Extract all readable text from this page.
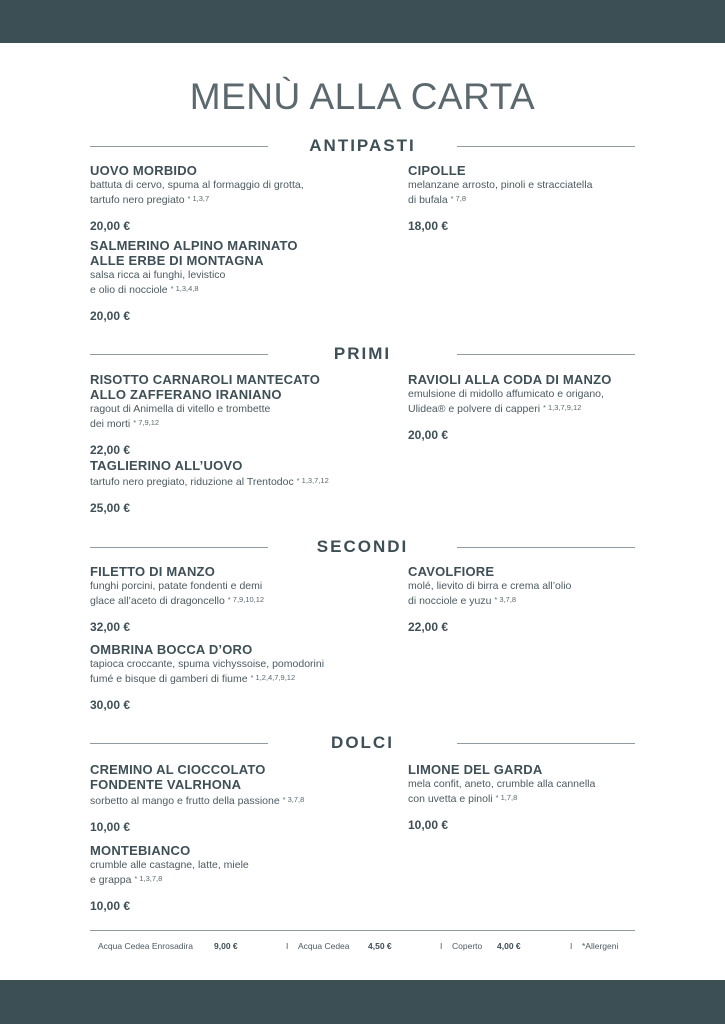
MENÙ ALLA CARTA
ANTIPASTI
UOVO MORBIDO
battuta di cervo, spuma al formaggio di grotta,
tartufo nero pregiato * 1,3,7
20,00 €
CIPOLLE
melanzane arrosto, pinoli e stracciatella
di bufala * 7,8
18,00 €
SALMERINO ALPINO MARINATO
ALLE ERBE DI MONTAGNA
salsa ricca ai funghi, levistico
e olio di nocciole * 1,3,4,8
20,00 €
PRIMI
RISOTTO CARNAROLI MANTECATO
ALLO ZAFFERANO IRANIANO
ragout di Animella di vitello e trombette
dei morti * 7,9,12
22,00 €
RAVIOLI ALLA CODA DI MANZO
emulsione di midollo affumicato e origano,
Ulidea® e polvere di capperi * 1,3,7,9,12
20,00 €
TAGLIERINO ALL’UOVO
tartufo nero pregiato, riduzione al Trentodoc * 1,3,7,12
25,00 €
SECONDI
FILETTO DI MANZO
funghi porcini, patate fondenti e demi
glace all’aceto di dragoncello * 7,9,10,12
32,00 €
CAVOLFIORE
molé, lievito di birra e crema all’olio
di nocciole e yuzu * 3,7,8
22,00 €
OMBRINA BOCCA D’ORO
tapioca croccante, spuma vichyssoise, pomodorini
fumé e bisque di gamberi di fiume * 1,2,4,7,9,12
30,00 €
DOLCI
CREMINO AL CIOCCOLATO
FONDENTE VALRHONA
sorbetto al mango e frutto della passione * 3,7,8
10,00 €
LIMONE DEL GARDA
mela confit, aneto, crumble alla cannella
con uvetta e pinoli * 1,7,8
10,00 €
MONTEBIANCO
crumble alle castagne, latte, miele
e grappa * 1,3,7,8
10,00 €
Acqua Cedea Enrosadira 9,00 €	I Acqua Cedea 4,50 €	I Coperto 4,00 €	I *Allergeni
